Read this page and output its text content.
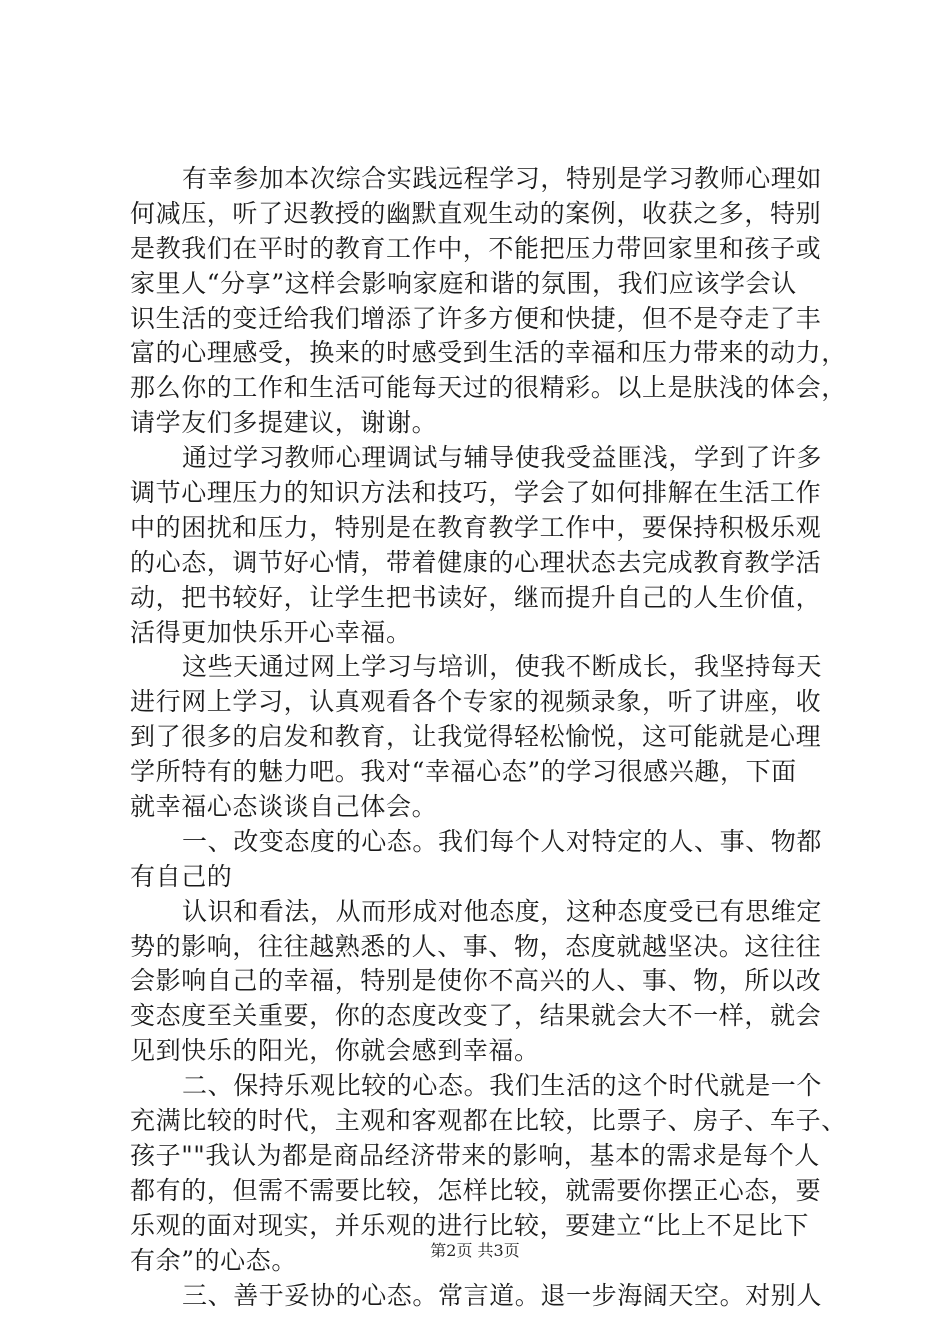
有幸参加本次综合实践远程学习，特别是学习教师心理如
何减压，听了迟教授的幽默直观生动的案例，收获之多，特别
是教我们在平时的教育工作中，不能把压力带回家里和孩子或
家里人“分享”这样会影响家庭和谐的氛围，我们应该学会认
识生活的变迁给我们增添了许多方便和快捷，但不是夺走了丰
富的心理感受，换来的时感受到生活的幸福和压力带来的动力，
那么你的工作和生活可能每天过的很精彩。以上是肤浅的体会，
请学友们多提建议，谢谢。
通过学习教师心理调试与辅导使我受益匪浅，学到了许多
调节心理压力的知识方法和技巧，学会了如何排解在生活工作
中的困扰和压力，特别是在教育教学工作中，要保持积极乐观
的心态，调节好心情，带着健康的心理状态去完成教育教学活
动，把书较好，让学生把书读好，继而提升自己的人生价值，
活得更加快乐开心幸福。
这些天通过网上学习与培训，使我不断成长，我坚持每天
进行网上学习，认真观看各个专家的视频录象，听了讲座，收
到了很多的启发和教育，让我觉得轻松愉悦，这可能就是心理
学所特有的魅力吧。我对“幸福心态”的学习很感兴趣，下面
就幸福心态谈谈自己体会。
一、改变态度的心态。我们每个人对特定的人、事、物都
有自己的
认识和看法，从而形成对他态度，这种态度受已有思维定
势的影响，往往越熟悉的人、事、物，态度就越坚决。这往往
会影响自己的幸福，特别是使你不高兴的人、事、物，所以改
变态度至关重要，你的态度改变了，结果就会大不一样，就会
见到快乐的阳光，你就会感到幸福。
二、保持乐观比较的心态。我们生活的这个时代就是一个
充满比较的时代，主观和客观都在比较，比票子、房子、车子、
孩子""我认为都是商品经济带来的影响，基本的需求是每个人
都有的，但需不需要比较，怎样比较，就需要你摆正心态，要
乐观的面对现实，并乐观的进行比较，要建立“比上不足比下
有余”的心态。
三、善于妥协的心态。常言道。退一步海阔天空。对别人
第2页 共3页
